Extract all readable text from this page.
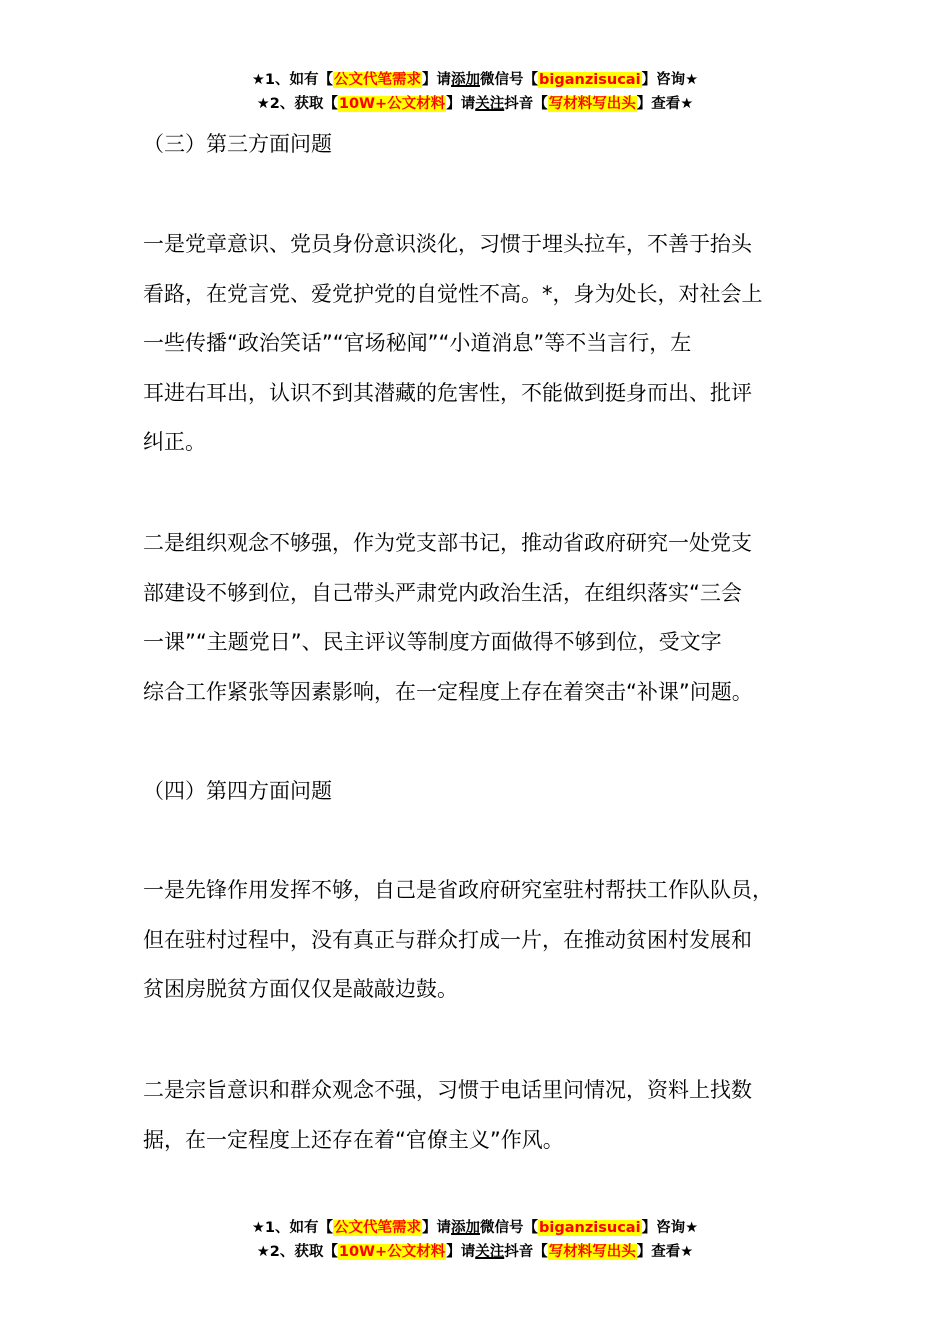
★1、如有【公文代笔需求】请添加微信号【biganzisucai】咨询★
★2、获取【10W+公文材料】请关注抖音【写材料写出头】查看★
（三）第三方面问题
一是党章意识、党员身份意识淡化，习惯于埋头拉车，不善于抬头
看路，在党言党、爱党护党的自觉性不高。*，身为处长，对社会上
一些传播“政治笑话”“官场秘闻”“小道消息”等不当言行，左
耳进右耳出，认识不到其潜藏的危害性，不能做到挺身而出、批评
纠正。
二是组织观念不够强，作为党支部书记，推动省政府研究一处党支
部建设不够到位，自己带头严肃党内政治生活，在组织落实“三会
一课”“主题党日”、民主评议等制度方面做得不够到位，受文字
综合工作紧张等因素影响，在一定程度上存在着突击“补课”问题。
（四）第四方面问题
一是先锋作用发挥不够，自己是省政府研究室驻村帮扶工作队队员，
但在驻村过程中，没有真正与群众打成一片，在推动贫困村发展和
贫困房脱贫方面仅仅是敲敲边鼓。
二是宗旨意识和群众观念不强，习惯于电话里问情况，资料上找数
据，在一定程度上还存在着“官僚主义”作风。
★1、如有【公文代笔需求】请添加微信号【biganzisucai】咨询★
★2、获取【10W+公文材料】请关注抖音【写材料写出头】查看★
